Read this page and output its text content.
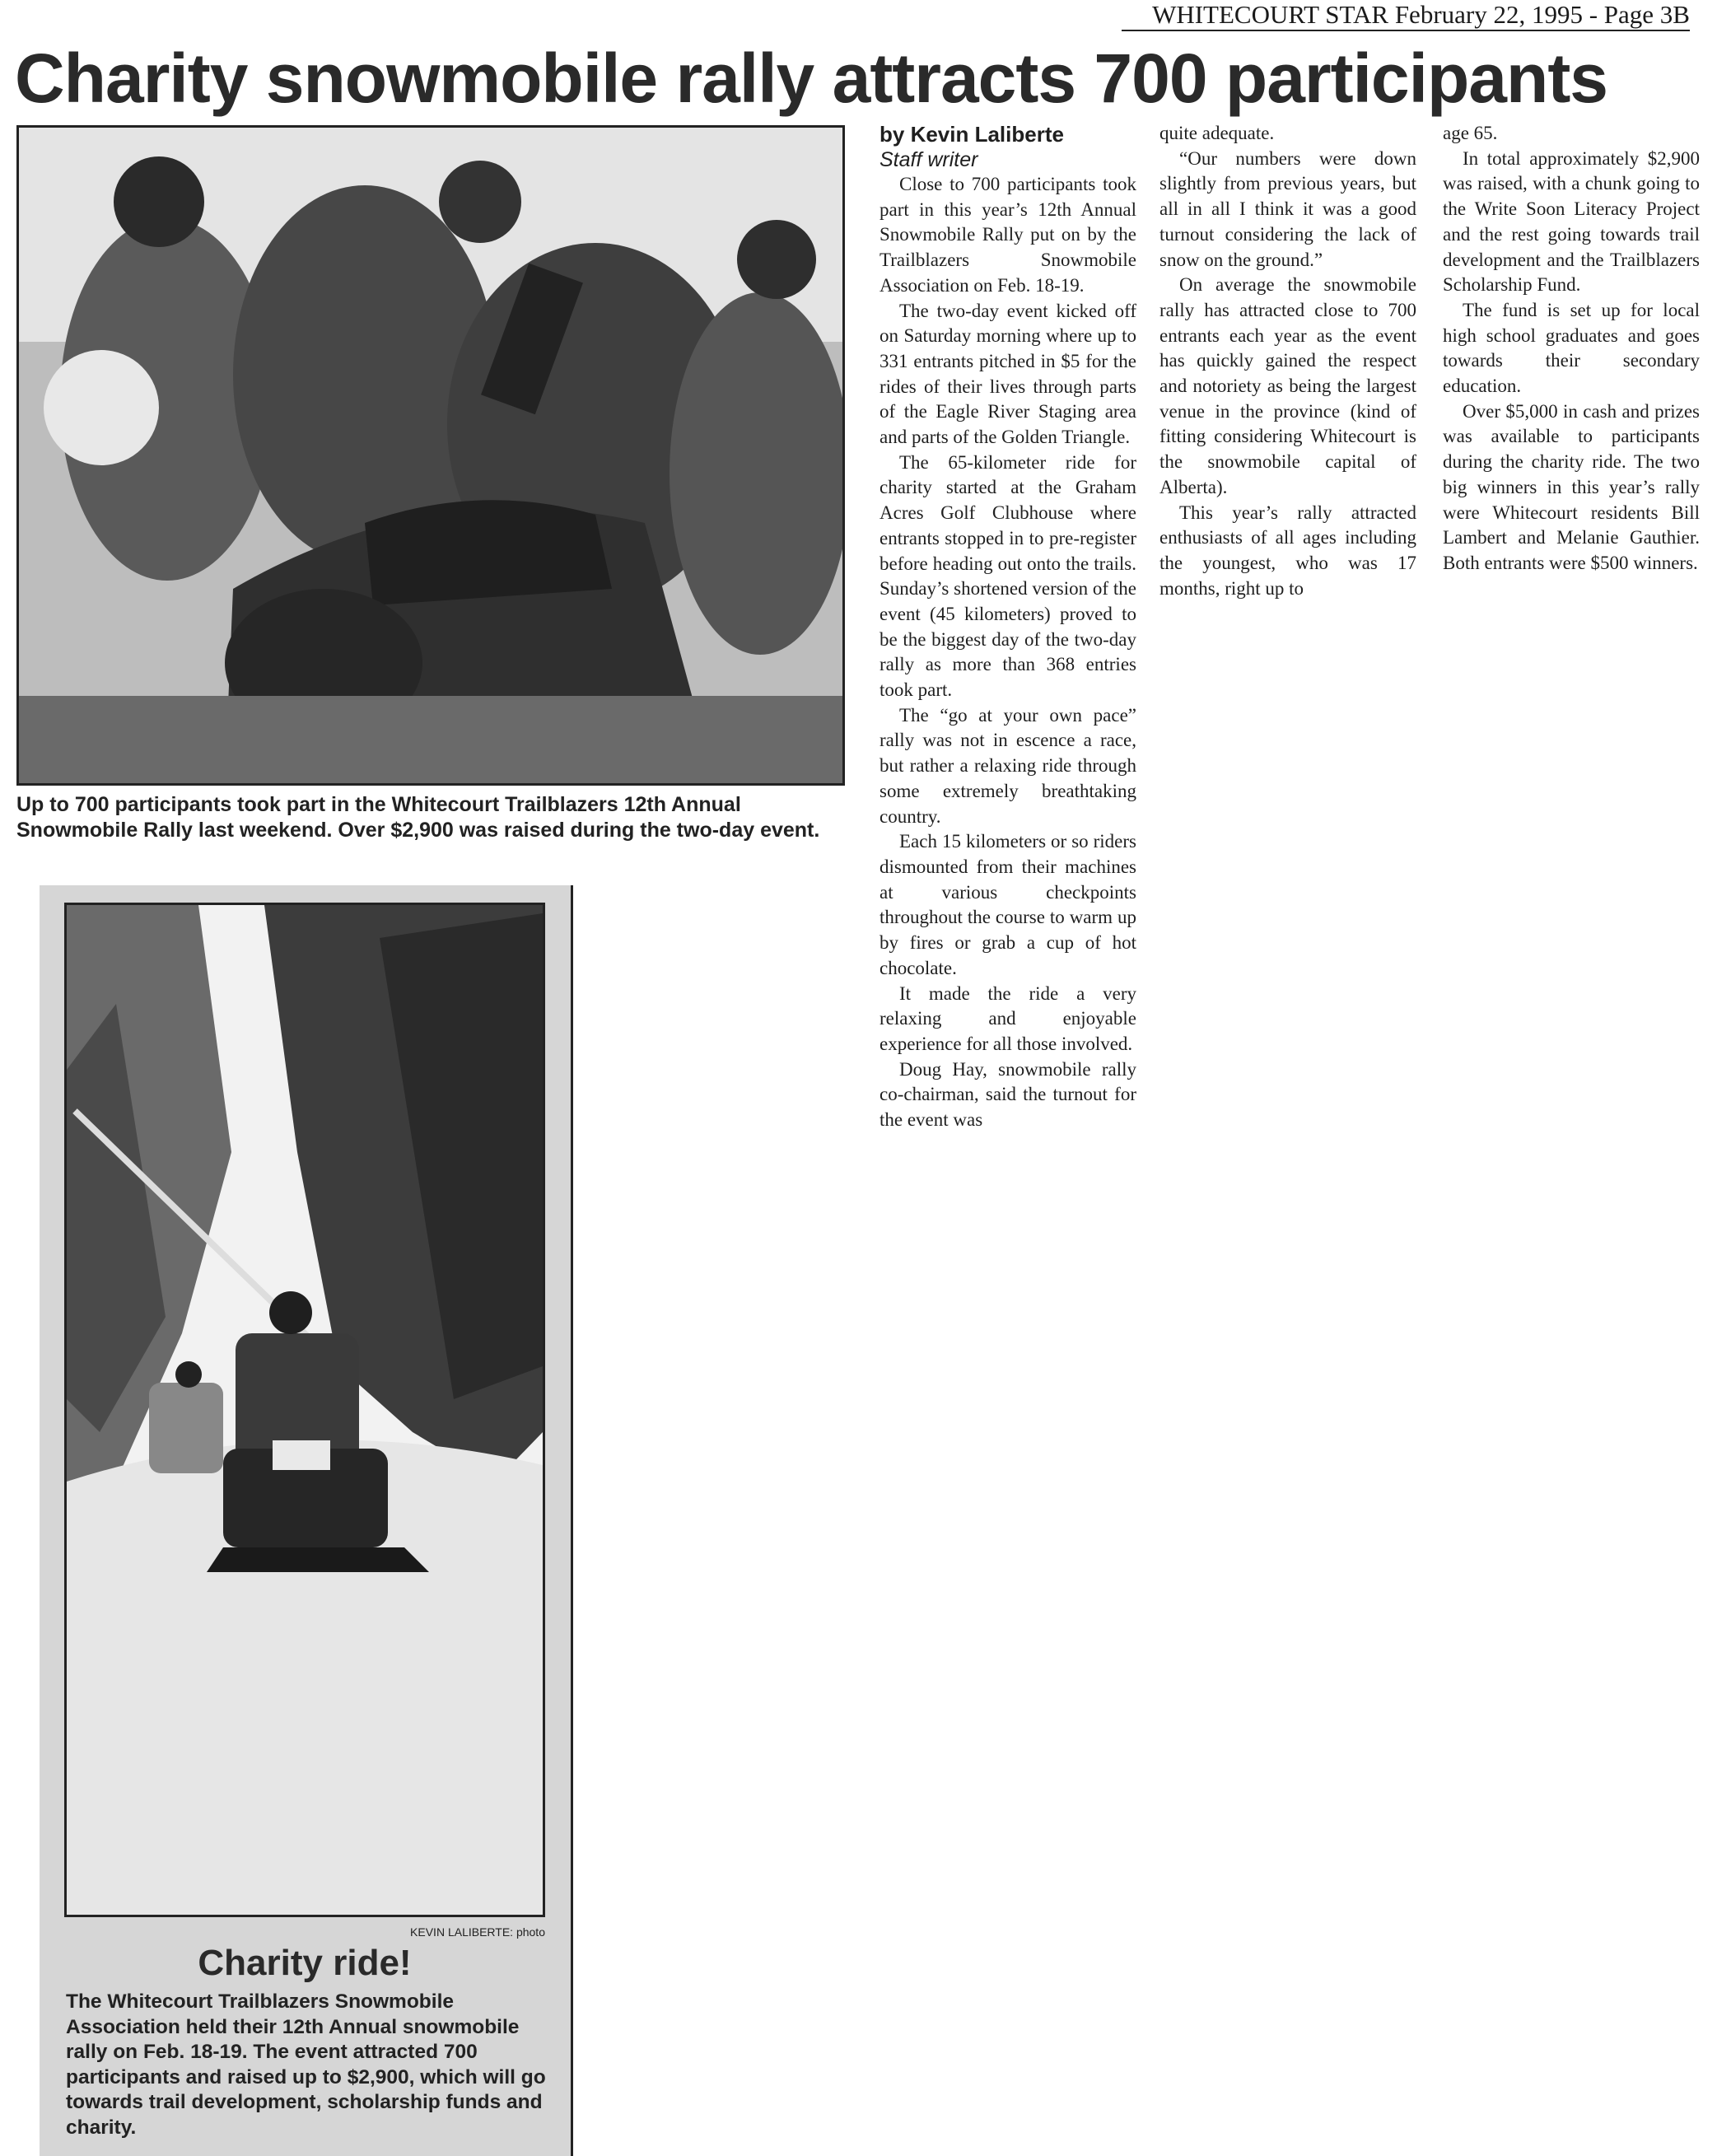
WHITECOURT STAR February 22, 1995 - Page 3B
Charity snowmobile rally attracts 700 participants
Up to 700 participants took part in the Whitecourt Trailblazers 12th Annual Snowmobile Rally last weekend. Over $2,900 was raised during the two-day event.
KEVIN LALIBERTE: photo
Charity ride!
The Whitecourt Trailblazers Snowmobile Association held their 12th Annual snowmobile rally on Feb. 18-19. The event attracted 700 participants and raised up to $2,900, which will go towards trail development, scholarship funds and charity.
by Kevin Laliberte
Staff writer

Close to 700 participants took part in this year’s 12th Annual Snowmobile Rally put on by the Trailblazers Snowmobile Association on Feb. 18-19.

The two-day event kicked off on Saturday morning where up to 331 entrants pitched in $5 for the rides of their lives through parts of the Eagle River Staging area and parts of the Golden Triangle.

The 65-kilometer ride for charity started at the Graham Acres Golf Clubhouse where entrants stopped in to pre-register before heading out onto the trails. Sunday’s shortened version of the event (45 kilometers) proved to be the biggest day of the two-day rally as more than 368 entries took part.

The “go at your own pace” rally was not in escence a race, but rather a relaxing ride through some extremely breathtaking country.

Each 15 kilometers or so riders dismounted from their machines at various checkpoints throughout the course to warm up by fires or grab a cup of hot chocolate.

It made the ride a very relaxing and enjoyable experience for all those involved.

Doug Hay, snowmobile rally co-chairman, said the turnout for the event was

quite adequate.

“Our numbers were down slightly from previous years, but all in all I think it was a good turnout considering the lack of snow on the ground.”

On average the snowmobile rally has attracted close to 700 entrants each year as the event has quickly gained the respect and notoriety as being the largest venue in the province (kind of fitting considering Whitecourt is the snowmobile capital of Alberta).

This year’s rally attracted enthusiasts of all ages including the youngest, who was 17 months, right up to

age 65.

In total approximately $2,900 was raised, with a chunk going to the Write Soon Literacy Project and the rest going towards trail development and the Trailblazers Scholarship Fund.

The fund is set up for local high school graduates and goes towards their secondary education.

Over $5,000 in cash and prizes was available to participants during the charity ride. The two big winners in this year’s rally were Whitecourt residents Bill Lambert and Melanie Gauthier. Both entrants were $500 winners.
